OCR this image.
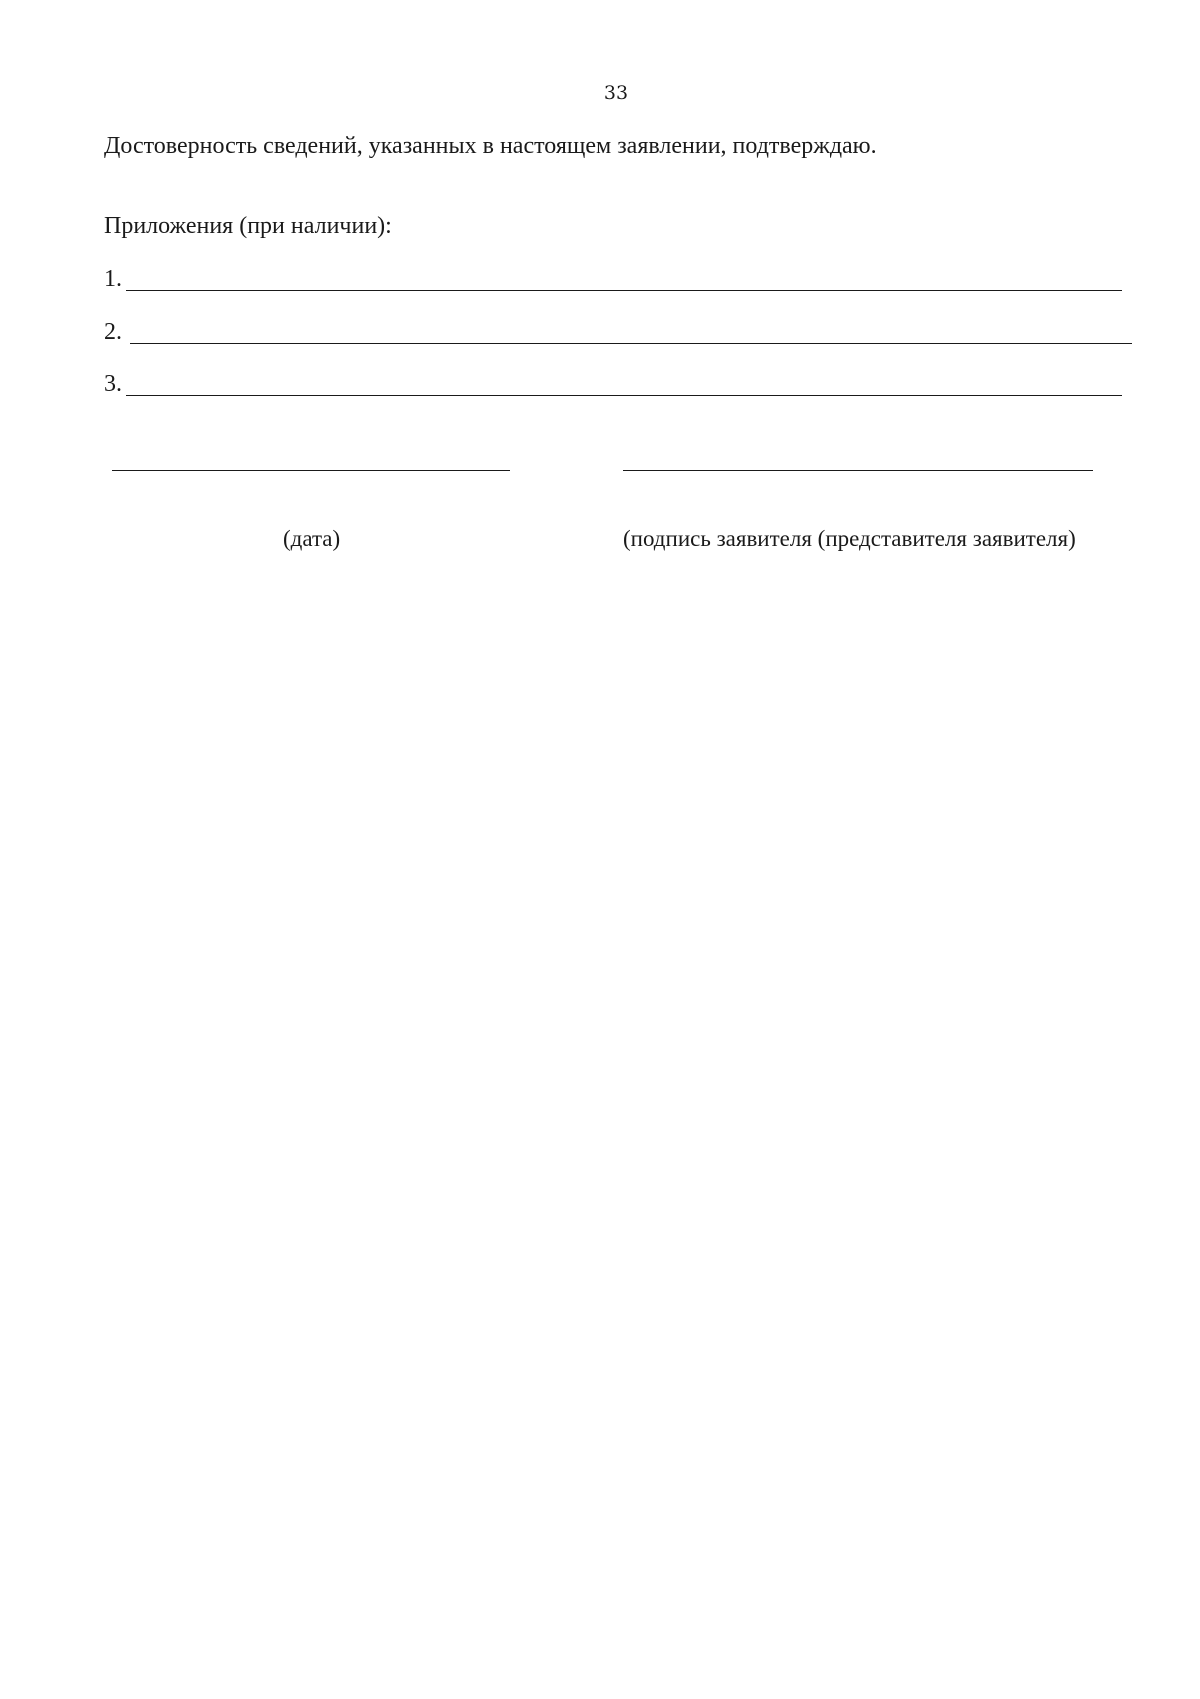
33
Достоверность сведений, указанных в настоящем заявлении, подтверждаю.
Приложения (при наличии):
1.
2.
3.
(дата)	(подпись заявителя (представителя заявителя)
